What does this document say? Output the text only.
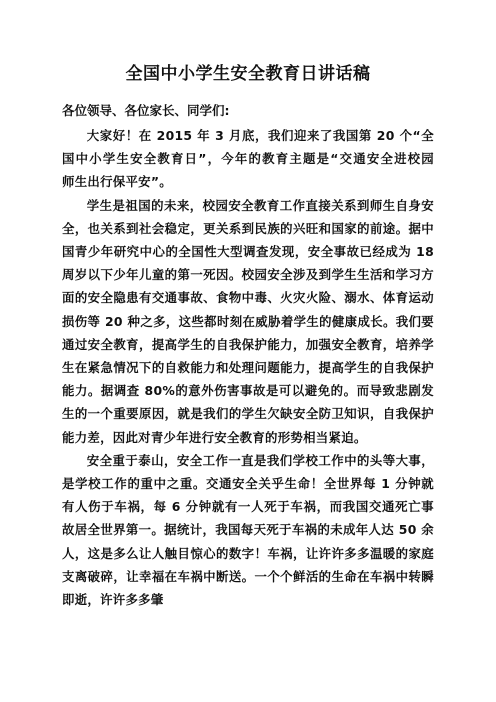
全国中小学生安全教育日讲话稿
各位领导、各位家长、同学们:

大家好！在 2015 年 3 月底，我们迎来了我国第 20 个“全国中小学生安全教育日”，今年的教育主题是“交通安全进校园　师生出行保平安”。

学生是祖国的未来，校园安全教育工作直接关系到师生自身安全，也关系到社会稳定，更关系到民族的兴旺和国家的前途。据中国青少年研究中心的全国性大型调查发现，安全事故已经成为 18 周岁以下少年儿童的第一死因。校园安全涉及到学生生活和学习方面的安全隐患有交通事故、食物中毒、火灾火险、溺水、体育运动损伤等 20 种之多，这些都时刻在威胁着学生的健康成长。我们要通过安全教育，提高学生的自我保护能力，加强安全教育，培养学生在紧急情况下的自救能力和处理问题能力，提高学生的自我保护能力。据调查 80%的意外伤害事故是可以避免的。而导致悲剧发生的一个重要原因，就是我们的学生欠缺安全防卫知识，自我保护能力差，因此对青少年进行安全教育的形势相当紧迫。

安全重于泰山，安全工作一直是我们学校工作中的头等大事，是学校工作的重中之重。交通安全关乎生命！全世界每 1 分钟就有人伤于车祸，每 6 分钟就有一人死于车祸，而我国交通死亡事故居全世界第一。据统计，我国每天死于车祸的未成年人达 50 余人，这是多么让人触目惊心的数字！车祸，让许许多多温暖的家庭支离破碎，让幸福在车祸中断送。一个个鲜活的生命在车祸中转瞬即逝，许许多多肇
